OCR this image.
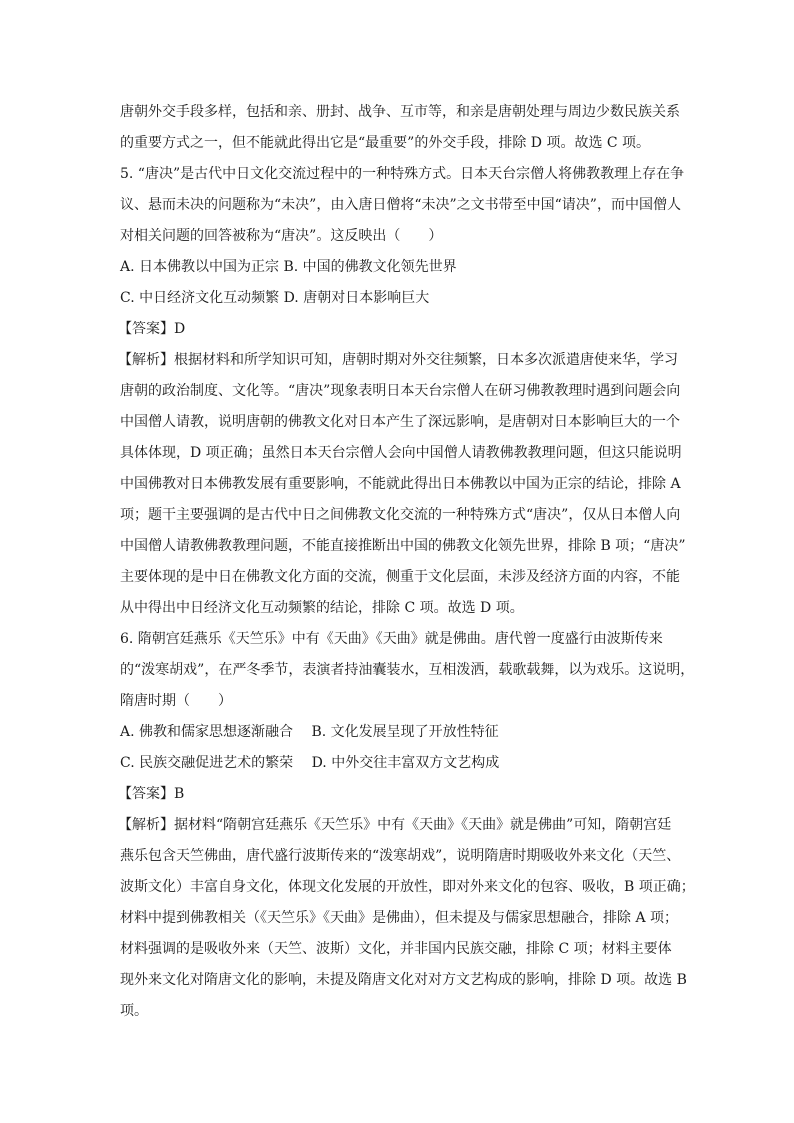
唐朝外交手段多样，包括和亲、册封、战争、互市等，和亲是唐朝处理与周边少数民族关系

的重要方式之一，但不能就此得出它是“最重要”的外交手段，排除 D 项。故选 C 项。

5. “唐决”是古代中日文化交流过程中的一种特殊方式。日本天台宗僧人将佛教教理上存在争

议、悬而未决的问题称为“未决”，由入唐日僧将“未决”之文书带至中国“请决”，而中国僧人

对相关问题的回答被称为“唐决”。这反映出（　　）

A. 日本佛教以中国为正宗 B. 中国的佛教文化领先世界

C. 中日经济文化互动频繁 D. 唐朝对日本影响巨大

【答案】D

【解析】根据材料和所学知识可知，唐朝时期对外交往频繁，日本多次派遣唐使来华，学习

唐朝的政治制度、文化等。“唐决”现象表明日本天台宗僧人在研习佛教教理时遇到问题会向

中国僧人请教，说明唐朝的佛教文化对日本产生了深远影响，是唐朝对日本影响巨大的一个

具体体现，D 项正确；虽然日本天台宗僧人会向中国僧人请教佛教教理问题，但这只能说明

中国佛教对日本佛教发展有重要影响，不能就此得出日本佛教以中国为正宗的结论，排除 A

项；题干主要强调的是古代中日之间佛教文化交流的一种特殊方式“唐决”，仅从日本僧人向

中国僧人请教佛教教理问题，不能直接推断出中国的佛教文化领先世界，排除 B 项；“唐决”

主要体现的是中日在佛教文化方面的交流，侧重于文化层面，未涉及经济方面的内容，不能

从中得出中日经济文化互动频繁的结论，排除 C 项。故选 D 项。

6. 隋朝宫廷燕乐《天竺乐》中有《天曲》《天曲》就是佛曲。唐代曾一度盛行由波斯传来

的“泼寒胡戏”，在严冬季节，表演者持油囊装水，互相泼洒，载歌载舞，以为戏乐。这说明，

隋唐时期（　　）

A. 佛教和儒家思想逐渐融合　 B. 文化发展呈现了开放性特征

C. 民族交融促进艺术的繁荣　 D. 中外交往丰富双方文艺构成

【答案】B

【解析】据材料“隋朝宫廷燕乐《天竺乐》中有《天曲》《天曲》就是佛曲”可知，隋朝宫廷

燕乐包含天竺佛曲，唐代盛行波斯传来的“泼寒胡戏”，说明隋唐时期吸收外来文化（天竺、

波斯文化）丰富自身文化，体现文化发展的开放性，即对外来文化的包容、吸收，B 项正确；

材料中提到佛教相关（《天竺乐》《天曲》是佛曲），但未提及与儒家思想融合，排除 A 项；

材料强调的是吸收外来（天竺、波斯）文化，并非国内民族交融，排除 C 项；材料主要体

现外来文化对隋唐文化的影响，未提及隋唐文化对对方文艺构成的影响，排除 D 项。故选 B

项。
